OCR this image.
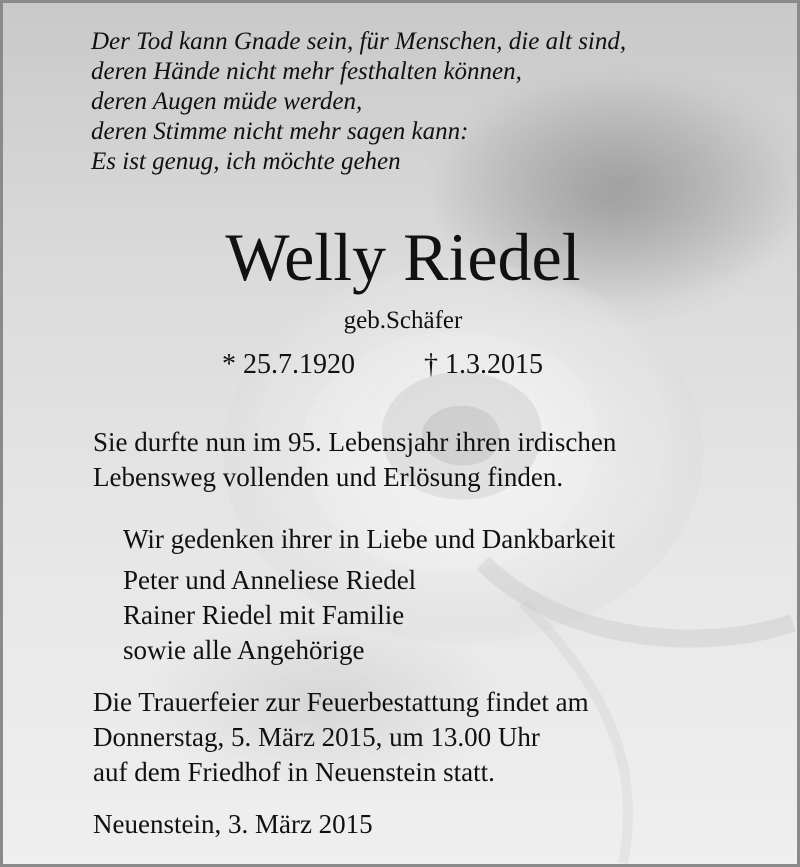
Der Tod kann Gnade sein, für Menschen, die alt sind,
deren Hände nicht mehr festhalten können,
deren Augen müde werden,
deren Stimme nicht mehr sagen kann:
Es ist genug, ich möchte gehen
Welly Riedel
geb.Schäfer
* 25.7.1920 † 1.3.2015
Sie durfte nun im 95. Lebensjahr ihren irdischen
Lebensweg vollenden und Erlösung finden.
Wir gedenken ihrer in Liebe und Dankbarkeit
Peter und Anneliese Riedel
Rainer Riedel mit Familie
sowie alle Angehörige
Die Trauerfeier zur Feuerbestattung findet am
Donnerstag, 5. März 2015, um 13.00 Uhr
auf dem Friedhof in Neuenstein statt.
Neuenstein, 3. März 2015
